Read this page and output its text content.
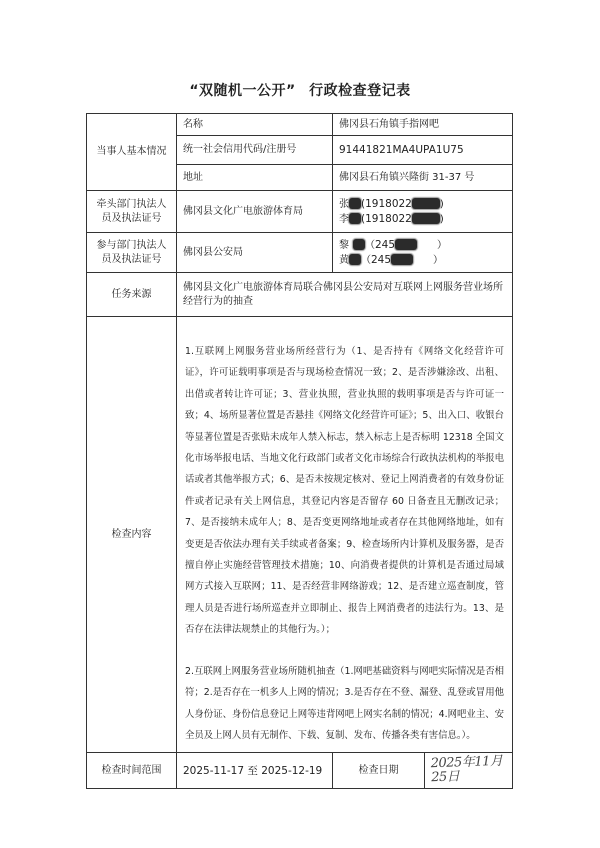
“双随机一公开” 行政检查登记表
当事人基本情况	名称	佛冈县石角镇手指网吧	
	统一社会信用代码/注册号	91441821MA4UPA1U75	
	地址	佛冈县石角镇兴隆街 31-37 号	
牵头部门执法人员及执法证号	佛冈县文化广电旅游体育局	张 (1918022 )
李 (1918022 )	

参与部门执法人员及执法证号	佛冈县公安局	黎 （245 ）
黄 （245 ）	

任务来源	佛冈县文化广电旅游体育局联合佛冈县公安局对互联网上网服务营业场所经营行为的抽查		
检查内容	1.互联网上网服务营业场所经营行为（1、是否持有《网络文化经营许可证》，许可证载明事项是否与现场检查情况一致；2、是否涉嫌涂改、出租、出借或者转让许可证；3、营业执照，营业执照的载明事项是否与许可证一致；4、场所显著位置是否悬挂《网络文化经营许可证》；5、出入口、收银台等显著位置是否张贴未成年人禁入标志，禁入标志上是否标明 12318 全国文化市场举报电话、当地文化行政部门或者文化市场综合行政执法机构的举报电话或者其他举报方式；6、是否未按规定核对、登记上网消费者的有效身份证件或者记录有关上网信息，其登记内容是否留存 60 日备查且无删改记录；7、是否接纳未成年人；8、是否变更网络地址或者存在其他网络地址，如有变更是否依法办理有关手续或者备案；9、检查场所内计算机及服务器，是否擅自停止实施经营管理技术措施；10、向消费者提供的计算机是否通过局域网方式接入互联网；11、是否经营非网络游戏；12、是否建立巡查制度，管理人员是否进行场所巡查并立即制止、报告上网消费者的违法行为。13、是否存在法律法规禁止的其他行为。）；

2.互联网上网服务营业场所随机抽查（1.网吧基础资料与网吧实际情况是否相符；2.是否存在一机多人上网的情况；3.是否存在不登、漏登、乱登或冒用他人身份证、身份信息登记上网等违背网吧上网实名制的情况；4.网吧业主、安全员及上网人员有无制作、下载、复制、发布、传播各类有害信息。）。		

检查时间范围	2025-11-17 至 2025-12-19	检查日期	2025年11月25日
